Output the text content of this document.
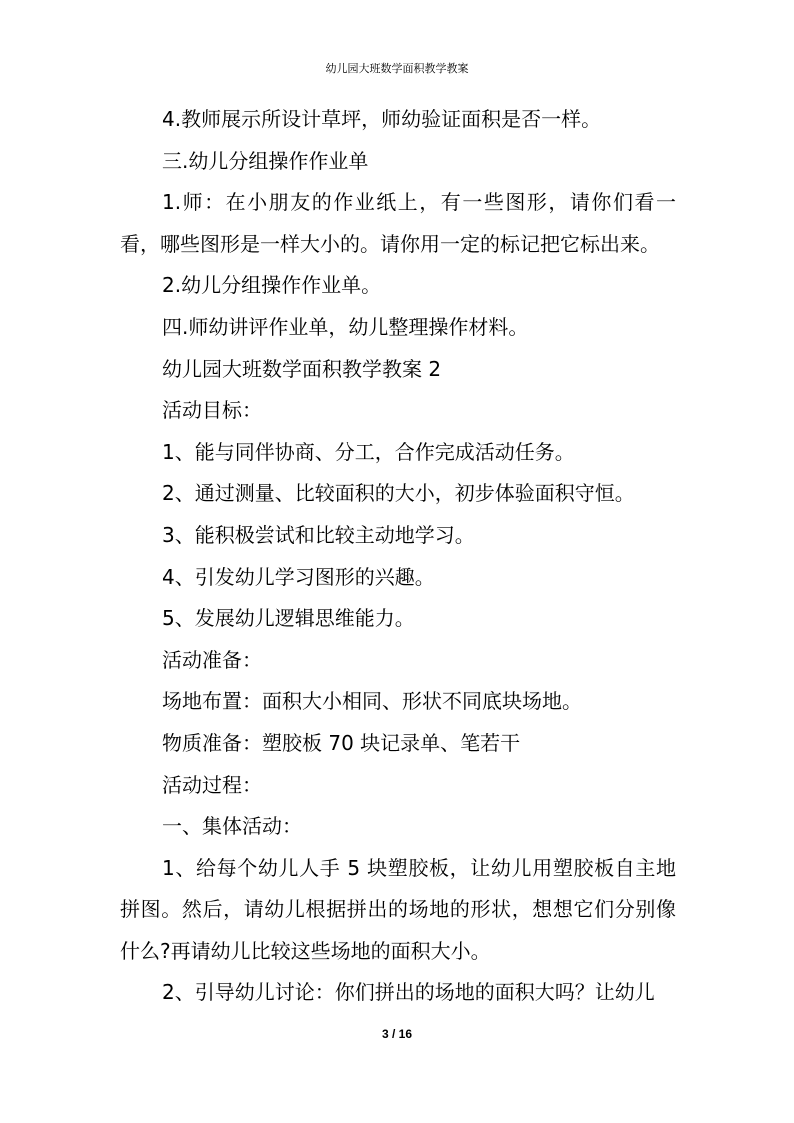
幼儿园大班数学面积教学教案

4.教师展示所设计草坪，师幼验证面积是否一样。

三.幼儿分组操作作业单

1.师：在小朋友的作业纸上，有一些图形，请你们看一看，哪些图形是一样大小的。请你用一定的标记把它标出来。

2.幼儿分组操作作业单。

四.师幼讲评作业单，幼儿整理操作材料。

幼儿园大班数学面积教学教案 2

活动目标：

1、能与同伴协商、分工，合作完成活动任务。

2、通过测量、比较面积的大小，初步体验面积守恒。

3、能积极尝试和比较主动地学习。

4、引发幼儿学习图形的兴趣。

5、发展幼儿逻辑思维能力。

活动准备：

场地布置：面积大小相同、形状不同底块场地。

物质准备：塑胶板 70 块记录单、笔若干

活动过程：

一、集体活动：

1、给每个幼儿人手 5 块塑胶板，让幼儿用塑胶板自主地拼图。然后，请幼儿根据拼出的场地的形状，想想它们分别像什么?再请幼儿比较这些场地的面积大小。

2、引导幼儿讨论：你们拼出的场地的面积大吗？让幼儿

3 / 16
